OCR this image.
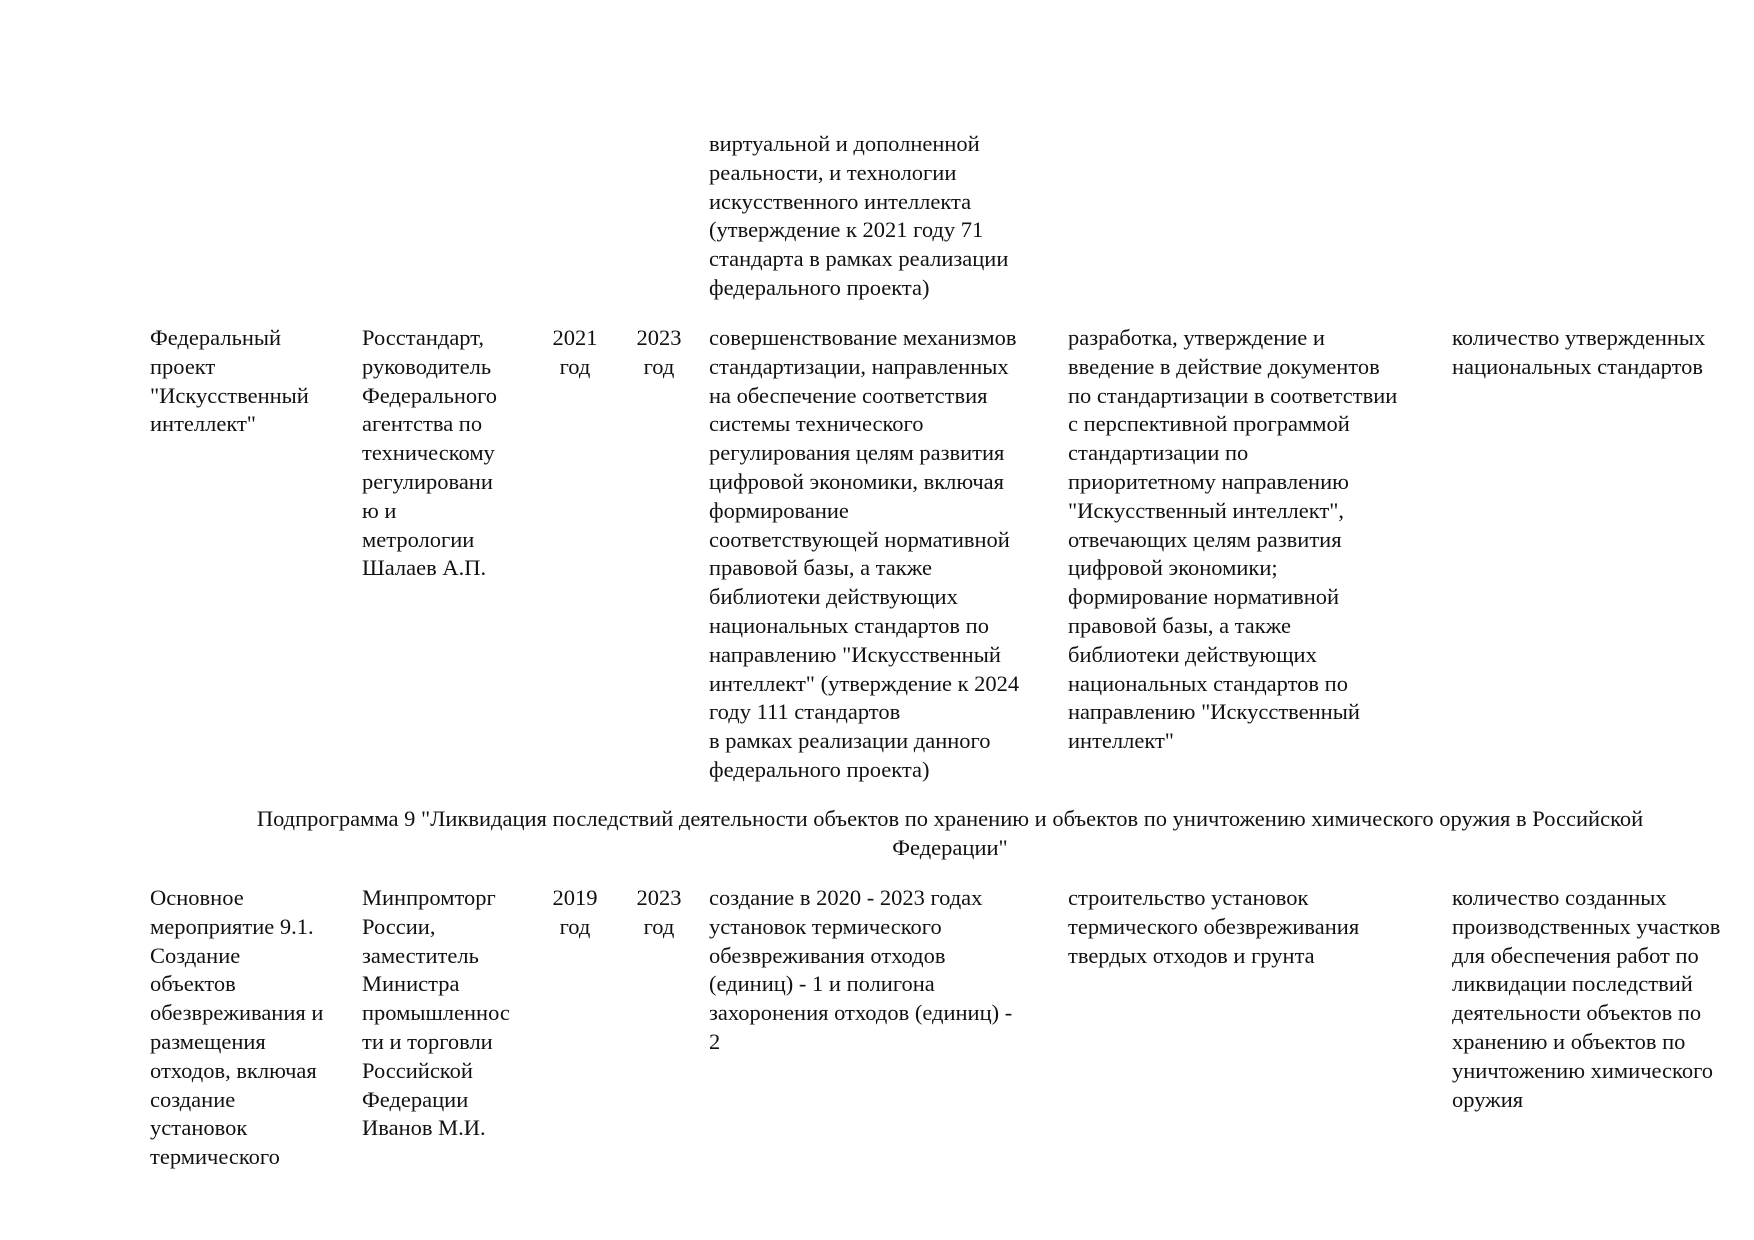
виртуальной и дополненной
реальности, и технологии
искусственного интеллекта
(утверждение к 2021 году 71
стандарта в рамках реализации
федерального проекта)
Федеральный
проект
"Искусственный
интеллект"
Росстандарт,
руководитель
Федерального
агентства по
техническому
регулировани
ю и
метрологии
Шалаев А.П.
2021
год
2023
год
совершенствование механизмов
стандартизации, направленных
на обеспечение соответствия
системы технического
регулирования целям развития
цифровой экономики, включая
формирование
соответствующей нормативной
правовой базы, а также
библиотеки действующих
национальных стандартов по
направлению "Искусственный
интеллект" (утверждение к 2024
году 111 стандартов
в рамках реализации данного
федерального проекта)
разработка, утверждение и
введение в действие документов
по стандартизации в соответствии
с перспективной программой
стандартизации по
приоритетному направлению
"Искусственный интеллект",
отвечающих целям развития
цифровой экономики;
формирование нормативной
правовой базы, а также
библиотеки действующих
национальных стандартов по
направлению "Искусственный
интеллект"
количество утвержденных
национальных стандартов
Подпрограмма 9 "Ликвидация последствий деятельности объектов по хранению и объектов по уничтожению химического оружия в Российской
Федерации"
Основное
мероприятие 9.1.
Создание
объектов
обезвреживания и
размещения
отходов, включая
создание
установок
термического
Минпромторг
России,
заместитель
Министра
промышленнос
ти и торговли
Российской
Федерации
Иванов М.И.
2019
год
2023
год
создание в 2020 - 2023 годах
установок термического
обезвреживания отходов
(единиц) - 1 и полигона
захоронения отходов (единиц) -
2
строительство установок
термического обезвреживания
твердых отходов и грунта
количество созданных
производственных участков
для обеспечения работ по
ликвидации последствий
деятельности объектов по
хранению и объектов по
уничтожению химического
оружия
